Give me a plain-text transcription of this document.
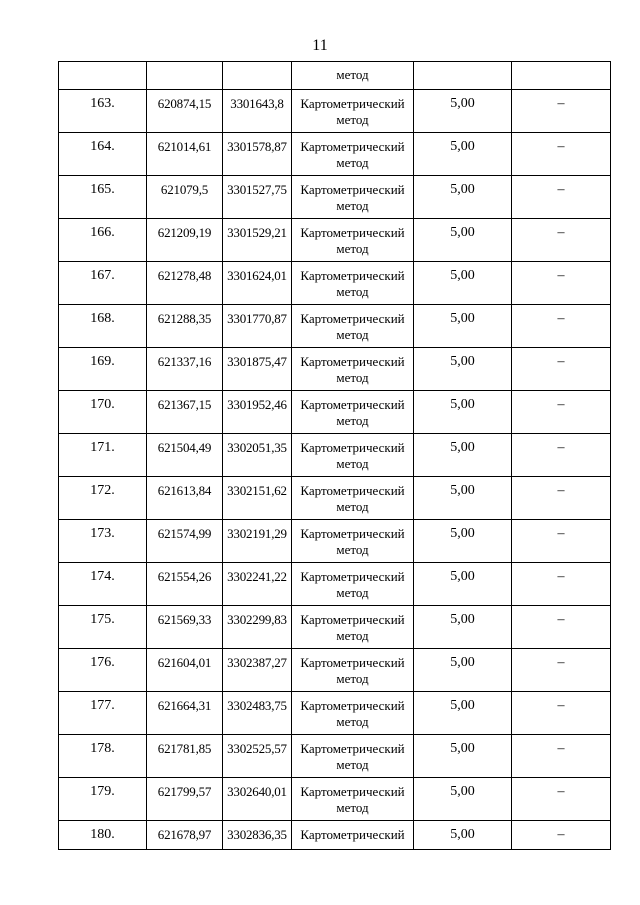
11

			метод		

163.	620874,15	3301643,8	Картометрический
метод	5,00	–
164.	621014,61	3301578,87	Картометрический
метод	5,00	–
165.	621079,5	3301527,75	Картометрический
метод	5,00	–
166.	621209,19	3301529,21	Картометрический
метод	5,00	–
167.	621278,48	3301624,01	Картометрический
метод	5,00	–
168.	621288,35	3301770,87	Картометрический
метод	5,00	–
169.	621337,16	3301875,47	Картометрический
метод	5,00	–
170.	621367,15	3301952,46	Картометрический
метод	5,00	–
171.	621504,49	3302051,35	Картометрический
метод	5,00	–
172.	621613,84	3302151,62	Картометрический
метод	5,00	–
173.	621574,99	3302191,29	Картометрический
метод	5,00	–
174.	621554,26	3302241,22	Картометрический
метод	5,00	–
175.	621569,33	3302299,83	Картометрический
метод	5,00	–
176.	621604,01	3302387,27	Картометрический
метод	5,00	–
177.	621664,31	3302483,75	Картометрический
метод	5,00	–
178.	621781,85	3302525,57	Картометрический
метод	5,00	–
179.	621799,57	3302640,01	Картометрический
метод	5,00	–
180.	621678,97	3302836,35	Картометрический	5,00	–
